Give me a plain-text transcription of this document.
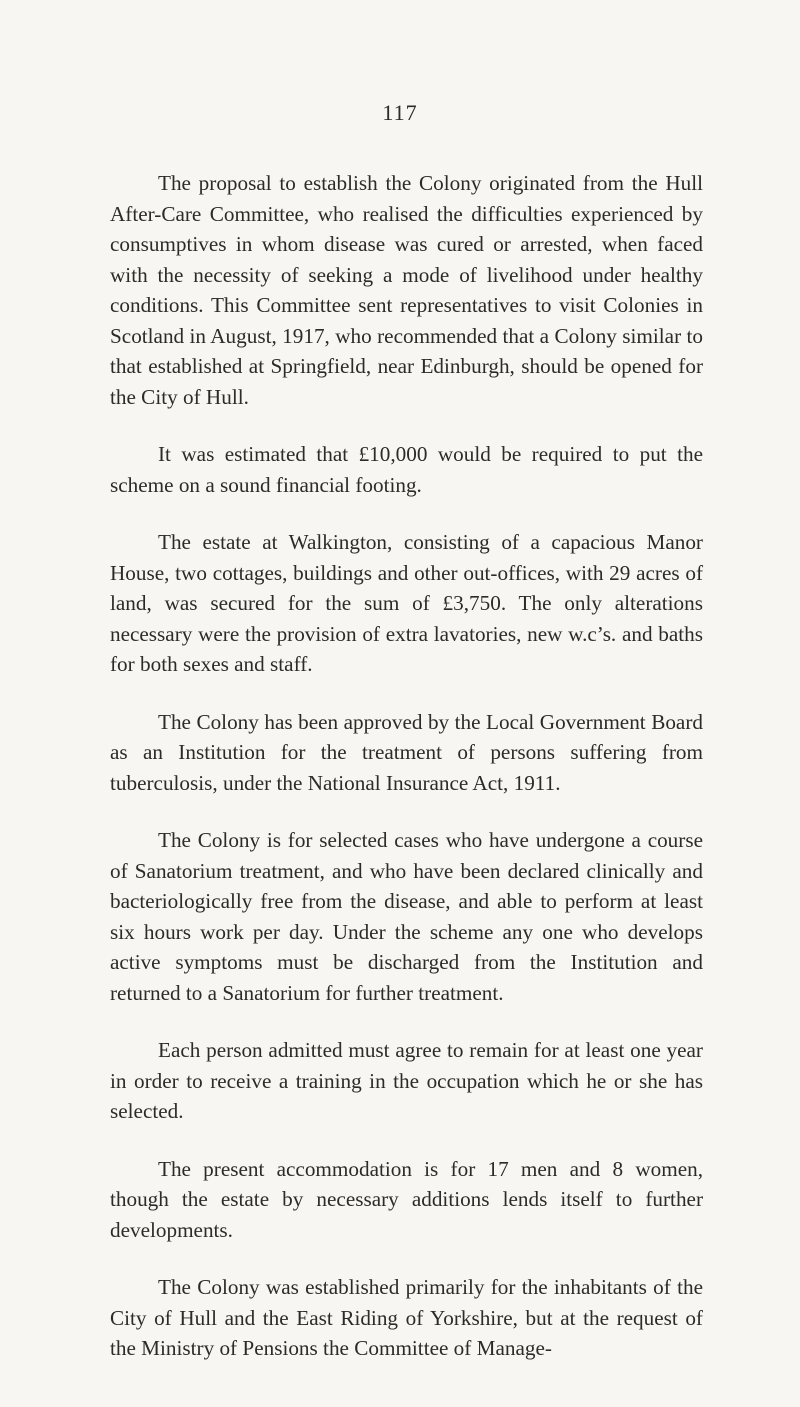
117

The proposal to establish the Colony originated from the Hull After-Care Committee, who realised the difficulties experienced by consumptives in whom disease was cured or arrested, when faced with the necessity of seeking a mode of livelihood under healthy conditions. This Committee sent representatives to visit Colonies in Scotland in August, 1917, who recommended that a Colony similar to that established at Springfield, near Edinburgh, should be opened for the City of Hull.

It was estimated that £10,000 would be required to put the scheme on a sound financial footing.

The estate at Walkington, consisting of a capacious Manor House, two cottages, buildings and other out-offices, with 29 acres of land, was secured for the sum of £3,750. The only alterations necessary were the provision of extra lavatories, new w.c’s. and baths for both sexes and staff.

The Colony has been approved by the Local Government Board as an Institution for the treatment of persons suffering from tuberculosis, under the National Insurance Act, 1911.

The Colony is for selected cases who have undergone a course of Sanatorium treatment, and who have been declared clinically and bacteriologically free from the disease, and able to perform at least six hours work per day. Under the scheme any one who develops active symptoms must be discharged from the Institution and returned to a Sanatorium for further treatment.

Each person admitted must agree to remain for at least one year in order to receive a training in the occupation which he or she has selected.

The present accommodation is for 17 men and 8 women, though the estate by necessary additions lends itself to further developments.

The Colony was established primarily for the inhabitants of the City of Hull and the East Riding of Yorkshire, but at the request of the Ministry of Pensions the Committee of Manage-
